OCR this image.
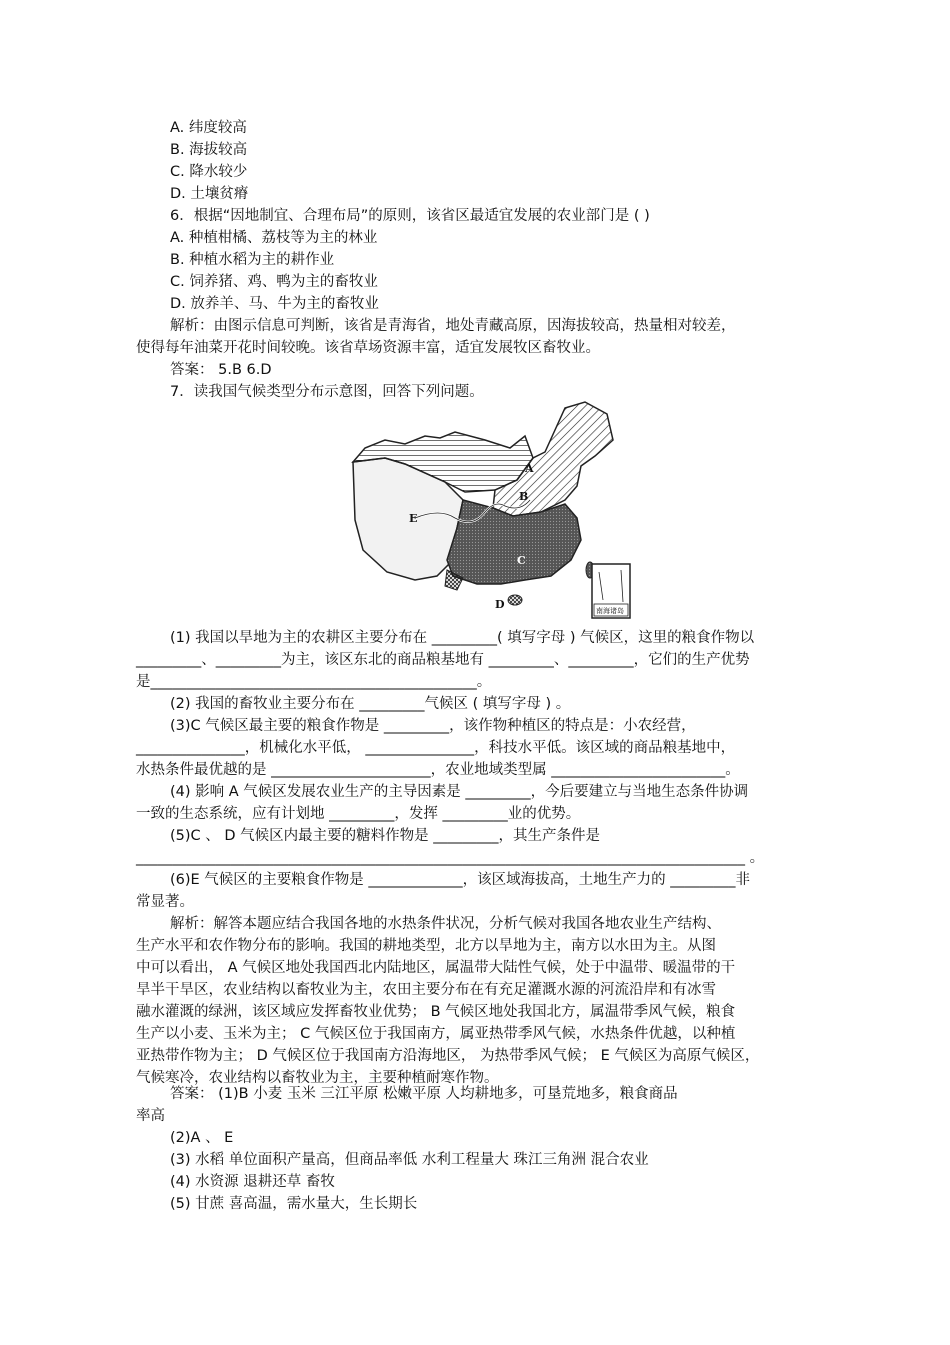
A. 纬度较高
B. 海拔较高
C. 降水较少
D. 土壤贫瘠
6．根据“因地制宜、合理布局”的原则，该省区最适宜发展的农业部门是 ( )
A. 种植柑橘、荔枝等为主的林业
B. 种植水稻为主的耕作业
C. 饲养猪、鸡、鸭为主的畜牧业
D. 放养羊、马、牛为主的畜牧业
解析：由图示信息可判断，该省是青海省，地处青藏高原，因海拔较高，热量相对较差，
使得每年油菜开花时间较晚。该省草场资源丰富，适宜发展牧区畜牧业。
答案： 5.B 6.D
7．读我国气候类型分布示意图，回答下列问题。
(1) 我国以旱地为主的农耕区主要分布在 _________( 填写字母 ) 气候区，这里的粮食作物以
_________、_________为主，该区东北的商品粮基地有 _________、_________，它们的生产优势
是_____________________________________________。
(2) 我国的畜牧业主要分布在 _________气候区 ( 填写字母 ) 。
(3)C 气候区最主要的粮食作物是 _________，该作物种植区的特点是：小农经营，
_______________，机械化水平低， _______________，科技水平低。该区域的商品粮基地中，
水热条件最优越的是 ______________________，农业地域类型属 ________________________。
(4) 影响 A 气候区发展农业生产的主导因素是 _________，今后要建立与当地生态条件协调
一致的生态系统，应有计划地 _________，发挥 _________业的优势。
(5)C 、 D 气候区内最主要的糖料作物是 _________，其生产条件是
____________________________________________________________________________________ 。
(6)E 气候区的主要粮食作物是 _____________，该区域海拔高，土地生产力的 _________非
常显著。
解析：解答本题应结合我国各地的水热条件状况，分析气候对我国各地农业生产结构、
生产水平和农作物分布的影响。我国的耕地类型，北方以旱地为主，南方以水田为主。从图
中可以看出， A 气候区地处我国西北内陆地区，属温带大陆性气候，处于中温带、暖温带的干
旱半干旱区，农业结构以畜牧业为主，农田主要分布在有充足灌溉水源的河流沿岸和有冰雪
融水灌溉的绿洲，该区域应发挥畜牧业优势； B 气候区地处我国北方，属温带季风气候，粮食
生产以小麦、玉米为主； C 气候区位于我国南方，属亚热带季风气候，水热条件优越，以种植
亚热带作物为主； D 气候区位于我国南方沿海地区， 为热带季风气候； E 气候区为高原气候区，
气候寒冷，农业结构以畜牧业为主，主要种植耐寒作物。
答案： (1)B 小麦 玉米 三江平原 松嫩平原 人均耕地多，可垦荒地多，粮食商品
率高
(2)A 、 E
(3) 水稻 单位面积产量高，但商品率低 水利工程量大 珠江三角洲 混合农业
(4) 水资源 退耕还草 畜牧
(5) 甘蔗 喜高温，需水量大，生长期长
A
B
C
D
E
南海诸岛
